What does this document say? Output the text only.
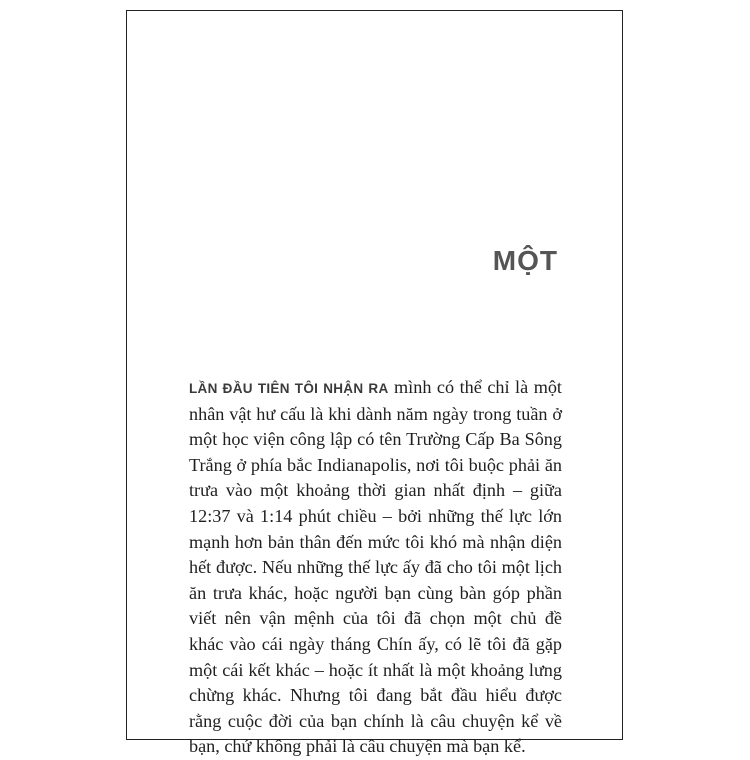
MỘT

LẦN ĐẦU TIÊN TÔI NHẬN RA mình có thể chỉ là một nhân vật hư cấu là khi dành năm ngày trong tuần ở một học viện công lập có tên Trường Cấp Ba Sông Trắng ở phía bắc Indianapolis, nơi tôi buộc phải ăn trưa vào một khoảng thời gian nhất định – giữa 12:37 và 1:14 phút chiều – bởi những thế lực lớn mạnh hơn bản thân đến mức tôi khó mà nhận diện hết được. Nếu những thế lực ấy đã cho tôi một lịch ăn trưa khác, hoặc người bạn cùng bàn góp phần viết nên vận mệnh của tôi đã chọn một chủ đề khác vào cái ngày tháng Chín ấy, có lẽ tôi đã gặp một cái kết khác – hoặc ít nhất là một khoảng lưng chừng khác. Nhưng tôi đang bắt đầu hiểu được rằng cuộc đời của bạn chính là câu chuyện kể về bạn, chứ không phải là câu chuyện mà bạn kể.
